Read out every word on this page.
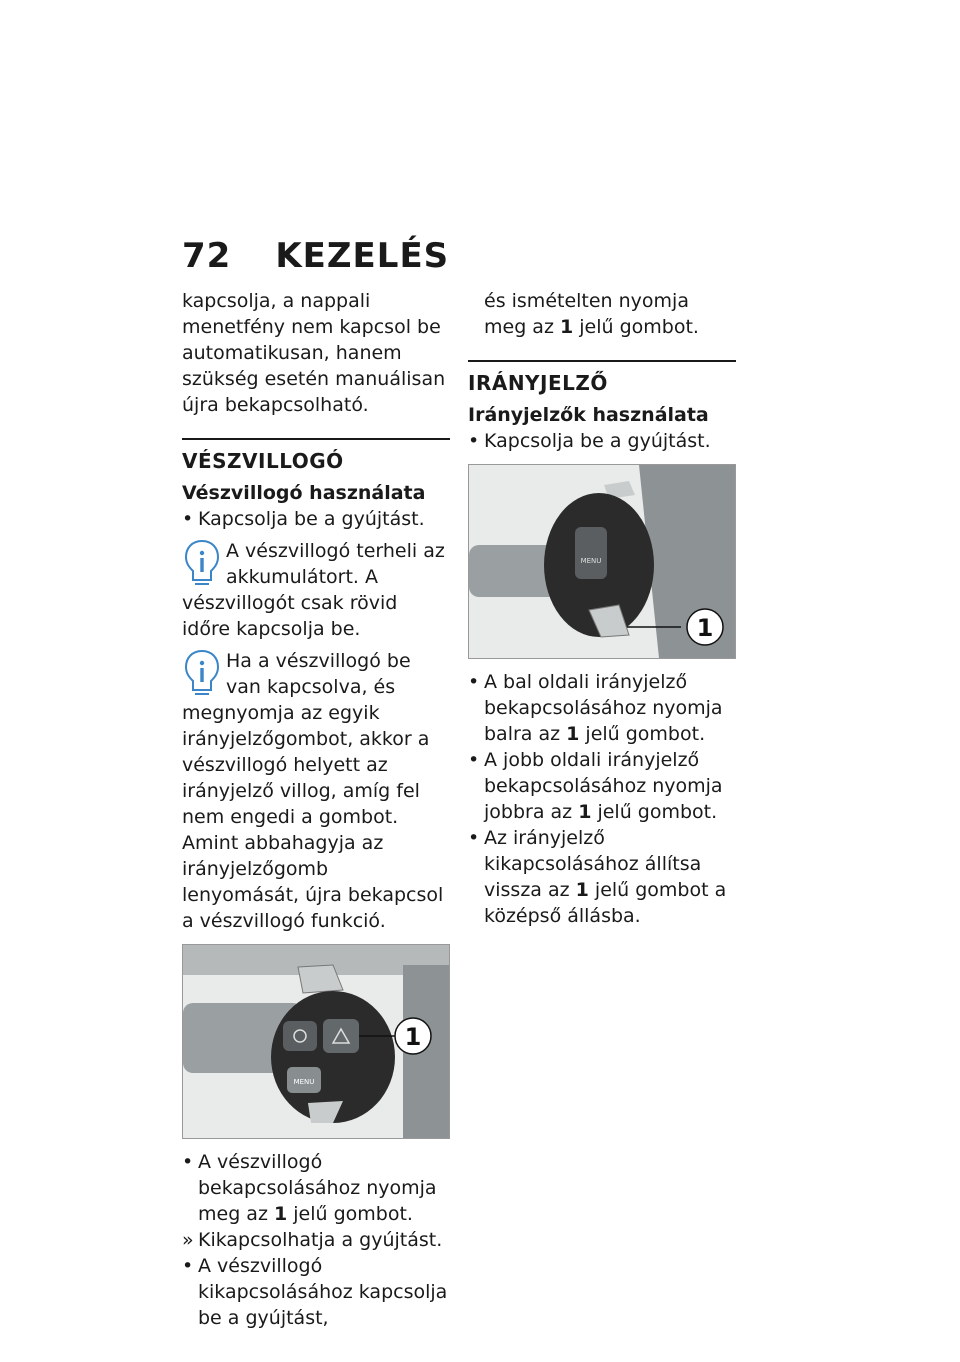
72 KEZELÉS

kapcsolja, a nappali menetfény nem kapcsol be automatikusan, hanem szükség esetén manuálisan újra bekapcsolható.

VÉSZVILLOGÓ

Vészvillogó használata

• Kapcsolja be a gyújtást.

A vészvillogó terheli az akkumulátort. A vészvillogót csak rövid időre kapcsolja be.

Ha a vészvillogó be van kapcsolva, és megnyomja az egyik irányjelzőgombot, akkor a vészvillogó helyett az irányjelző villog, amíg fel nem engedi a gombot. Amint abbahagyja az irányjelzőgomb lenyomását, újra bekapcsol a vészvillogó funkció.

MENU
1

• A vészvillogó bekapcsolásához nyomja meg az 1 jelű gombot.

» Kikapcsolhatja a gyújtást.

• A vészvillogó kikapcsolásához kapcsolja be a gyújtást,

és ismételten nyomja meg az 1 jelű gombot.

IRÁNYJELZŐ

Irányjelzők használata

• Kapcsolja be a gyújtást.

MENU
1

• A bal oldali irányjelző bekapcsolásához nyomja balra az 1 jelű gombot.

• A jobb oldali irányjelző bekapcsolásához nyomja jobbra az 1 jelű gombot.

• Az irányjelző kikapcsolásához állítsa vissza az 1 jelű gombot a középső állásba.
